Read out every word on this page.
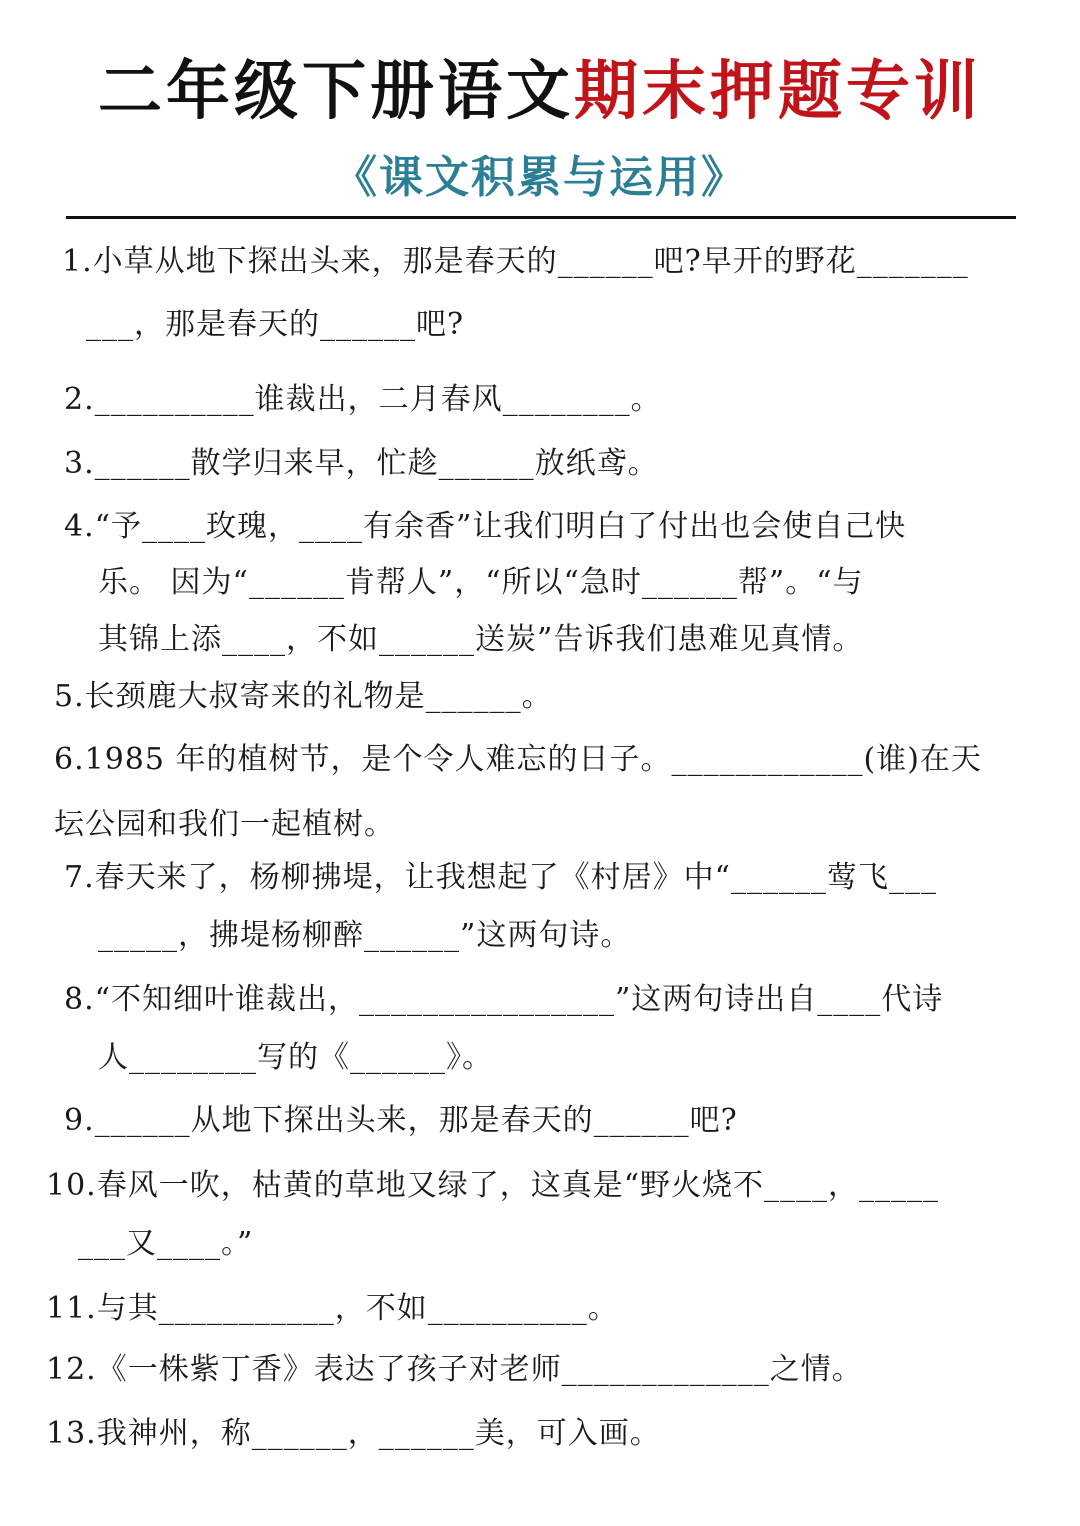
二年级下册语文期末押题专训
《课文积累与运用》
1.小草从地下探出头来，那是春天的______吧?早开的野花_______
___，那是春天的______吧?
2.__________谁裁出，二月春风________。
3.______散学归来早，忙趁______放纸鸢。
4.“予____玫瑰，____有余香”让我们明白了付出也会使自己快
乐。 因为“______肯帮人”，“所以“急时______帮”。“与
其锦上添____，不如______送炭”告诉我们患难见真情。
5.长颈鹿大叔寄来的礼物是______。
6.1985 年的植树节，是个令人难忘的日子。____________(谁)在天
坛公园和我们一起植树。
7.春天来了，杨柳拂堤，让我想起了《村居》中“______莺飞___
_____，拂堤杨柳醉______”这两句诗。
8.“不知细叶谁裁出，________________”这两句诗出自____代诗
人________写的《______》。
9.______从地下探出头来，那是春天的______吧?
10.春风一吹，枯黄的草地又绿了，这真是“野火烧不____，_____
___又____。”
11.与其___________，不如__________。
12.《一株紫丁香》表达了孩子对老师_____________之情。
13.我神州，称______，______美，可入画。
